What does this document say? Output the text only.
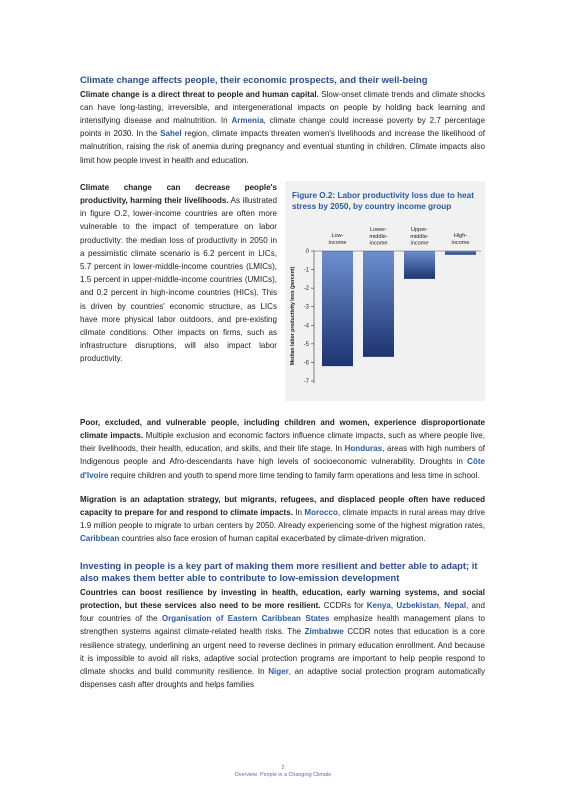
Climate change affects people, their economic prospects, and their well-being

Climate change is a direct threat to people and human capital. Slow-onset climate trends and climate shocks can have long-lasting, irreversible, and intergenerational impacts on people by holding back learning and intensifying disease and malnutrition. In Armenia, climate change could increase poverty by 2.7 percentage points in 2030. In the Sahel region, climate impacts threaten women's livelihoods and increase the likelihood of malnutrition, raising the risk of anemia during pregnancy and eventual stunting in children. Climate impacts also limit how people invest in health and education.

Climate change can decrease people's productivity, harming their livelihoods. As illustrated in figure O.2, lower-income countries are often more vulnerable to the impact of temperature on labor productivity: the median loss of productivity in 2050 in a pessimistic climate scenario is 6.2 percent in LICs, 5.7 percent in lower-middle-income countries (LMICs), 1.5 percent in upper-middle-income countries (UMICs), and 0.2 percent in high-income countries (HICs). This is driven by countries' economic structure, as LICs have more physical labor outdoors, and pre-existing climate conditions. Other impacts on firms, such as infrastructure disruptions, will also impact labor productivity.

Figure O.2: Labor productivity loss due to heat stress by 2050, by country income group
0
-1
-2
-3
-4
-5
-6
-7
Median labor productivity loss (percent)
Low-income
Lower-middle-income
Upper-middle-income
High-income

Poor, excluded, and vulnerable people, including children and women, experience disproportionate climate impacts. Multiple exclusion and economic factors influence climate impacts, such as where people live, their livelihoods, their health, education, and skills, and their life stage. In Honduras, areas with high numbers of Indigenous people and Afro-descendants have high levels of socioeconomic vulnerability. Droughts in Côte d'Ivoire require children and youth to spend more time tending to family farm operations and less time in school.

Migration is an adaptation strategy, but migrants, refugees, and displaced people often have reduced capacity to prepare for and respond to climate impacts. In Morocco, climate impacts in rural areas may drive 1.9 million people to migrate to urban centers by 2050. Already experiencing some of the highest migration rates, Caribbean countries also face erosion of human capital exacerbated by climate-driven migration.

Investing in people is a key part of making them more resilient and better able to adapt; it also makes them better able to contribute to low-emission development

Countries can boost resilience by investing in health, education, early warning systems, and social protection, but these services also need to be more resilient. CCDRs for Kenya, Uzbekistan, Nepal, and four countries of the Organisation of Eastern Caribbean States emphasize health management plans to strengthen systems against climate-related health risks. The Zimbabwe CCDR notes that education is a core resilience strategy, underlining an urgent need to reverse declines in primary education enrollment. And because it is impossible to avoid all risks, adaptive social protection programs are important to help people respond to climate shocks and build community resilience. In Niger, an adaptive social protection program automatically dispenses cash after droughts and helps families

2
Overview: People in a Changing Climate
